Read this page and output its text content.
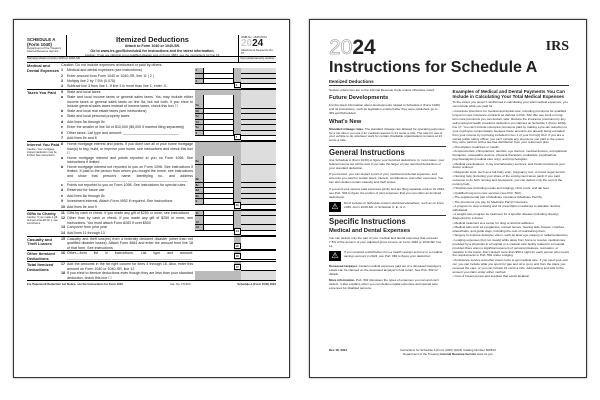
SCHEDULE A
(Form 1040)
Department of the Treasury
Internal Revenue Service
Itemized Deductions
Attach to Form 1040 or 1040-SR.
Go to www.irs.gov/ScheduleA for instructions and the latest information.
Caution: If you are claiming a net qualified disaster loss on Form 4684, see the instructions for line 16.
OMB No. 1545-0074
2024
Attachment Sequence No. 07
Name(s) shown on Form 1040 or 1040-SR	Your social security number
Medical and Dental Expenses
Caution: Do not include expenses reimbursed or paid by others.
1	Medical and dental expenses (see instructions)	1
2	Enter amount from Form 1040 or 1040-SR, line 11 | 2 |
3	Multiply line 2 by 7.5% (0.075)	3
4	Subtract line 3 from line 1. If line 3 is more than line 1, enter -0-	4
Taxes You Paid	5	State and local taxes.
a	State and local income taxes or general sales taxes. You may include either income taxes or general sales taxes on line 5a, but not both. If you elect to include general sales taxes instead of income taxes, check this box ☐	5a
b	State and local real estate taxes (see instructions)	5b
c	State and local personal property taxes	5c
d	Add lines 5a through 5c	5d
e	Enter the smaller of line 5d or $10,000 ($5,000 if married filing separately)	5e
6	Other taxes. List type and amount: ____________________________	6
7	Add lines 5e and 6	7
Interest You Paid
Caution: Your mortgage interest deduction may be limited. See instructions.
8	Home mortgage interest and points. If you didn't use all of your home mortgage loan(s) to buy, build, or improve your home, see instructions and check this box ☐
a	Home mortgage interest and points reported to you on Form 1098. See instructions if limited	8a
b	Home mortgage interest not reported to you on Form 1098. See instructions if limited. If paid to the person from whom you bought the home, see instructions and show that person's name, identifying no., and address ______________________________ ______________________________	8b
c	Points not reported to you on Form 1098. See instructions for special rules	8c
d	Reserved for future use	8d
e	Add lines 8a through 8c	8e
9	Investment interest. Attach Form 4952 if required. See instructions	9
10 Add lines 8e and 9	10
Gifts to Charity
Caution: If you made a gift and got a benefit for it, see instructions.
11 Gifts by cash or check. If you made any gift of $250 or more, see instructions	11
12 Other than by cash or check. If you made any gift of $250 or more, see instructions. You must attach Form 8283 if over $500	12
13 Carryover from prior year	13
14 Add lines 11 through 13	14
Casualty and Theft Losses
15 Casualty and theft loss(es) from a federally declared disaster (other than net qualified disaster losses). Attach Form 4684 and enter the amount from line 18 of that form. See instructions	15
Other Itemized Deductions
16 Other—from list in instructions. List type and amount: ______________________ ________________________________________	16
Total Itemized Deductions
17 Add the amounts in the far right column for lines 4 through 16. Also, enter this amount on Form 1040 or 1040-SR, line 12	17
18 If you elect to itemize deductions even though they are less than your standard deduction, check this box ☐
For Paperwork Reduction Act Notice, see the Instructions for Form 1040.	Cat. No. 17145C	Schedule A (Form 1040) 2024
2024	IRS
Instructions for Schedule A
Itemized Deductions

Section references are to the Internal Revenue Code unless otherwise noted.

Future Developments

For the latest information about developments related to Schedule A (Form 1040) and its instructions, such as legislation enacted after they were published, go to IRS.gov/ScheduleA.

What's New

Standard mileage rates. The standard mileage rate allowed for operating expenses for a car when you use it for medical reasons is 21 cents a mile. The rate for use of your vehicle to do volunteer work for certain charitable organizations remains at 14 cents a mile.

General Instructions

Use Schedule A (Form 1040) to figure your itemized deductions. In most cases, your federal income tax will be less if you take the larger of your itemized deductions or your standard deduction.

If you itemize, you can deduct a part of your medical and dental expenses, and amounts you paid for certain taxes, interest, contributions, and other expenses. You can also deduct certain casualty and theft losses.

If you and your spouse paid expenses jointly and are filing separate returns for 2024, see Pub. 504 to figure the portion of joint expenses that you can claim as itemized deductions.

⚠	Don't include on Schedule A items deducted elsewhere, such as on Form 1040, Form 1040-SR, or Schedule C, E, or F.

Specific Instructions
Medical and Dental Expenses

You can deduct only the part of your medical and dental expenses that exceeds 7.5% of the amount of your adjusted gross income on Form 1040 or 1040-SR, line 11.

⚠	If you received a distribution from a health savings account or a medical savings account in 2024, see Pub. 969 to figure your deduction.

Deceased taxpayer. Certain medical expenses paid out of a deceased taxpayer's estate can be claimed on the deceased taxpayer's final return. See Pub. 502 for details.

More information. Pub. 502 discusses the types of expenses you can and can't deduct. It also explains when you can deduct capital expenses and special care expenses for disabled persons.

Examples of Medical and Dental Payments You Can Include in Calculating Your Total Medical Expenses

To the extent you weren't reimbursed in calculating your total medical expenses, you can include what you paid for:

• Insurance premiums for medical and dental care, including premiums for qualified long-term care insurance contracts as defined in Pub. 502. But see Limit on long-term care premiums you can deduct, later. Reduce the insurance premiums by any self-employed health insurance deduction you claimed on Schedule 1 (Form 1040), line 17. You can't include insurance premiums paid by making a pre-tax reduction to your employee compensation because these amounts are already being excluded from your income by not being included in box 1 of your Form(s) W-2. If you are a retired public safety officer, you can't include any premiums you paid to the extent they were paid for with a tax-free distribution from your retirement plan.

• Prescription medicines or insulin.

• Acupuncturists, chiropractors, dentists, eye doctors, medical doctors, occupational therapists, osteopathic doctors, physical therapists, podiatrists, psychiatrists, psychoanalysts (medical care only), and psychologists.

• Medical examinations, X-ray and laboratory services, and insulin treatments your doctor ordered.

• Diagnostic tests, such as a full-body scan, pregnancy test, or blood sugar test kit.

• Nursing help (including your share of the employment taxes paid). If you paid someone to do both nursing and housework, you can deduct only the cost of the nursing help.

• Hospital care (including meals and lodging), clinic costs, and lab fees.

• Qualified long-term care services (see Pub. 502).

• The supplemental part of Medicare insurance (Medicare Part B).

• The premiums you pay for Medicare Part D insurance.

• A program to stop smoking and for prescription medicines to alleviate nicotine withdrawal.

• A weight-loss program as treatment for a specific disease (including obesity) diagnosed by a doctor.

• Medical treatment at a center for drug or alcohol addiction.

• Medical aids such as eyeglasses, contact lenses, hearing aids, braces, crutches, wheelchairs, and guide dogs, including the cost of maintaining them.

• Surgery to improve defective vision, such as laser eye surgery or radial keratotomy.

• Lodging expenses (but not meals) while away from home to receive medical care provided by a physician in a hospital or a medical care facility related to a hospital, provided there was no significant element of personal pleasure, recreation, or vacation in the travel. Don't deduct more than $50 a night for each person who meets the requirements in Pub. 502 under Lodging.

• Ambulance service and other travel costs to get medical care. If you used your own car, you can include what you spent for gas and oil to go to and from the place you received the care; or you can include 21 cents a mile. Add parking and tolls to the amount you claim under either method.

• Cost of breast pumps and supplies that assist lactation.

Dec 18, 2024	Instructions for Schedule A (Form 1040) (2024) Catalog Number 50081X
Department of the Treasury Internal Revenue Service www.irs.gov
